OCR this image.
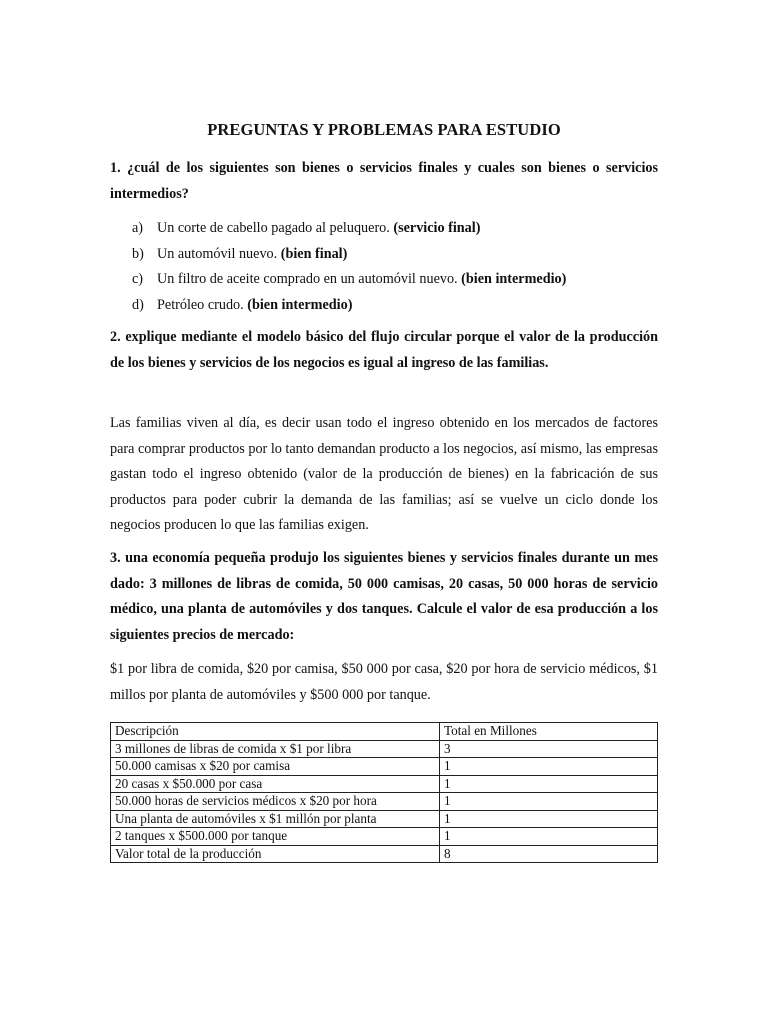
PREGUNTAS Y PROBLEMAS PARA ESTUDIO
1. ¿cuál de los siguientes son bienes o servicios finales y cuales son bienes o servicios intermedios?
a) Un corte de cabello pagado al peluquero. (servicio final)
b) Un automóvil nuevo. (bien final)
c) Un filtro de aceite comprado en un automóvil nuevo. (bien intermedio)
d) Petróleo crudo. (bien intermedio)
2. explique mediante el modelo básico del flujo circular porque el valor de la producción de los bienes y servicios de los negocios es igual al ingreso de las familias.
Las familias viven al día, es decir usan todo el ingreso obtenido en los mercados de factores para comprar productos por lo tanto demandan producto a los negocios, así mismo, las empresas gastan todo el ingreso obtenido (valor de la producción de bienes) en la fabricación de sus productos para poder cubrir la demanda de las familias; así se vuelve un ciclo donde los negocios producen lo que las familias exigen.
3. una economía pequeña produjo los siguientes bienes y servicios finales durante un mes dado: 3 millones de libras de comida, 50 000 camisas, 20 casas, 50 000 horas de servicio médico, una planta de automóviles y dos tanques. Calcule el valor de esa producción a los siguientes precios de mercado:
$1 por libra de comida, $20 por camisa, $50 000 por casa, $20 por hora de servicio médicos, $1 millos por planta de automóviles y $500 000 por tanque.
Descripción	Total en Millones
3 millones de libras de comida x $1 por libra	3
50.000 camisas x $20 por camisa	1
20 casas x $50.000 por casa	1
50.000 horas de servicios médicos x $20 por hora	1
Una planta de automóviles x $1 millón por planta	1
2 tanques x $500.000 por tanque	1
Valor total de la producción	8
